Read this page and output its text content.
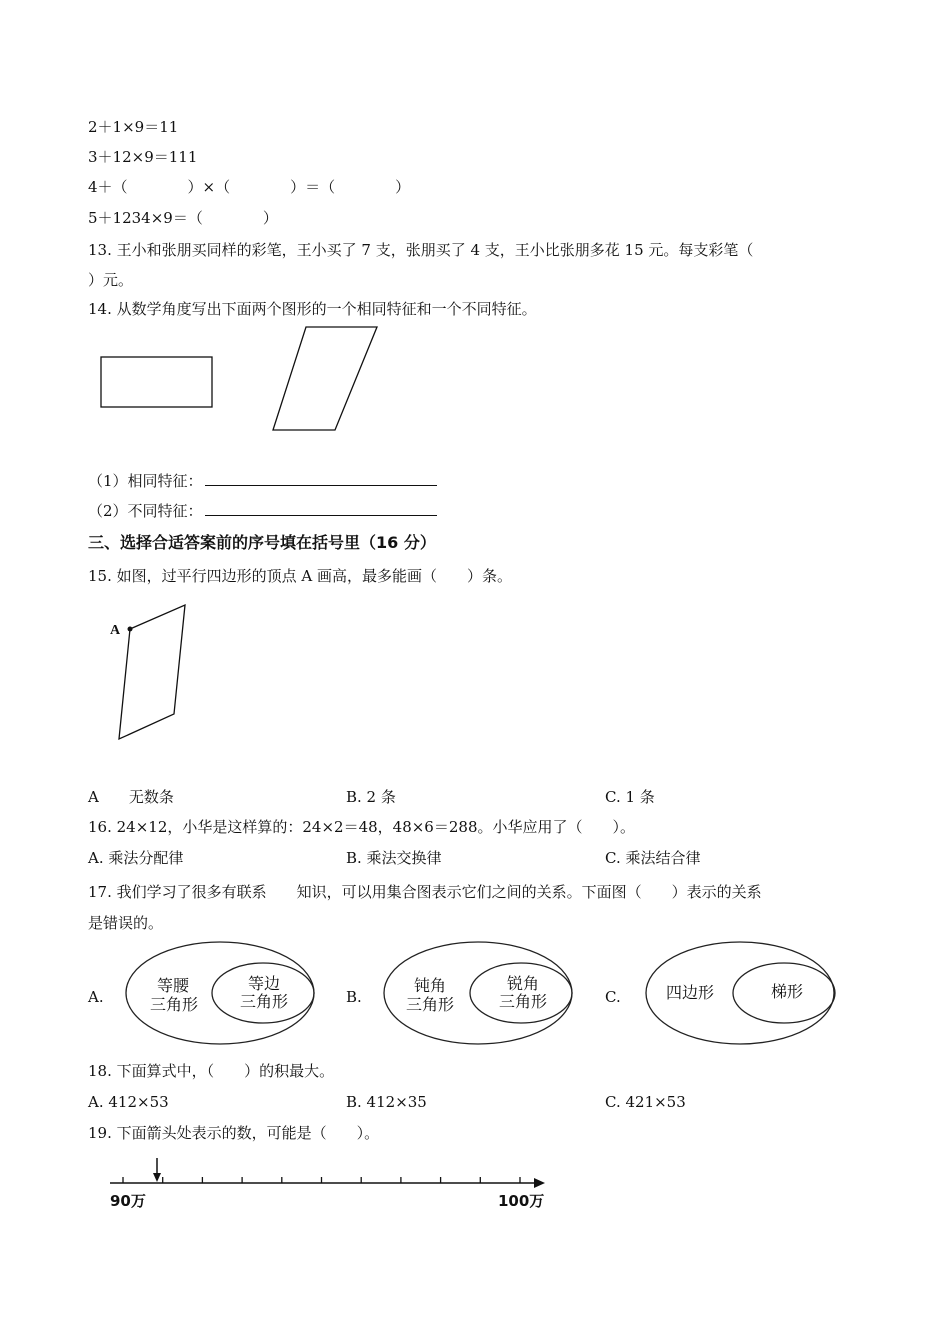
2＋1×9＝11
3＋12×9＝111
4＋（　　　　）×（　　　　）＝（　　　　）
5＋1234×9＝（　　　　）
13. 王小和张朋买同样的彩笔，王小买了 7 支，张朋买了 4 支，王小比张朋多花 15 元。每支彩笔（
）元。
14. 从数学角度写出下面两个图形的一个相同特征和一个不同特征。
（1）相同特征：
（2）不同特征：
三、选择合适答案前的序号填在括号里（16 分）
15. 如图，过平行四边形的顶点 A 画高，最多能画（　　）条。
A
A　　无数条	B. 2 条	C. 1 条
16. 24×12，小华是这样算的：24×2＝48，48×6＝288。小华应用了（　　）。
A. 乘法分配律	B. 乘法交换律	C. 乘法结合律
17. 我们学习了很多有联系　　知识，可以用集合图表示它们之间的关系。下面图（　　）表示的关系
是错误的。
A.	B.	C.
等腰
三角形
等边
三角形
钝角
三角形
锐角
三角形	四边形	梯形
18. 下面算式中，（　　）的积最大。
A. 412×53	B. 412×35	C. 421×53
19. 下面箭头处表示的数，可能是（　　）。
90万	100万
